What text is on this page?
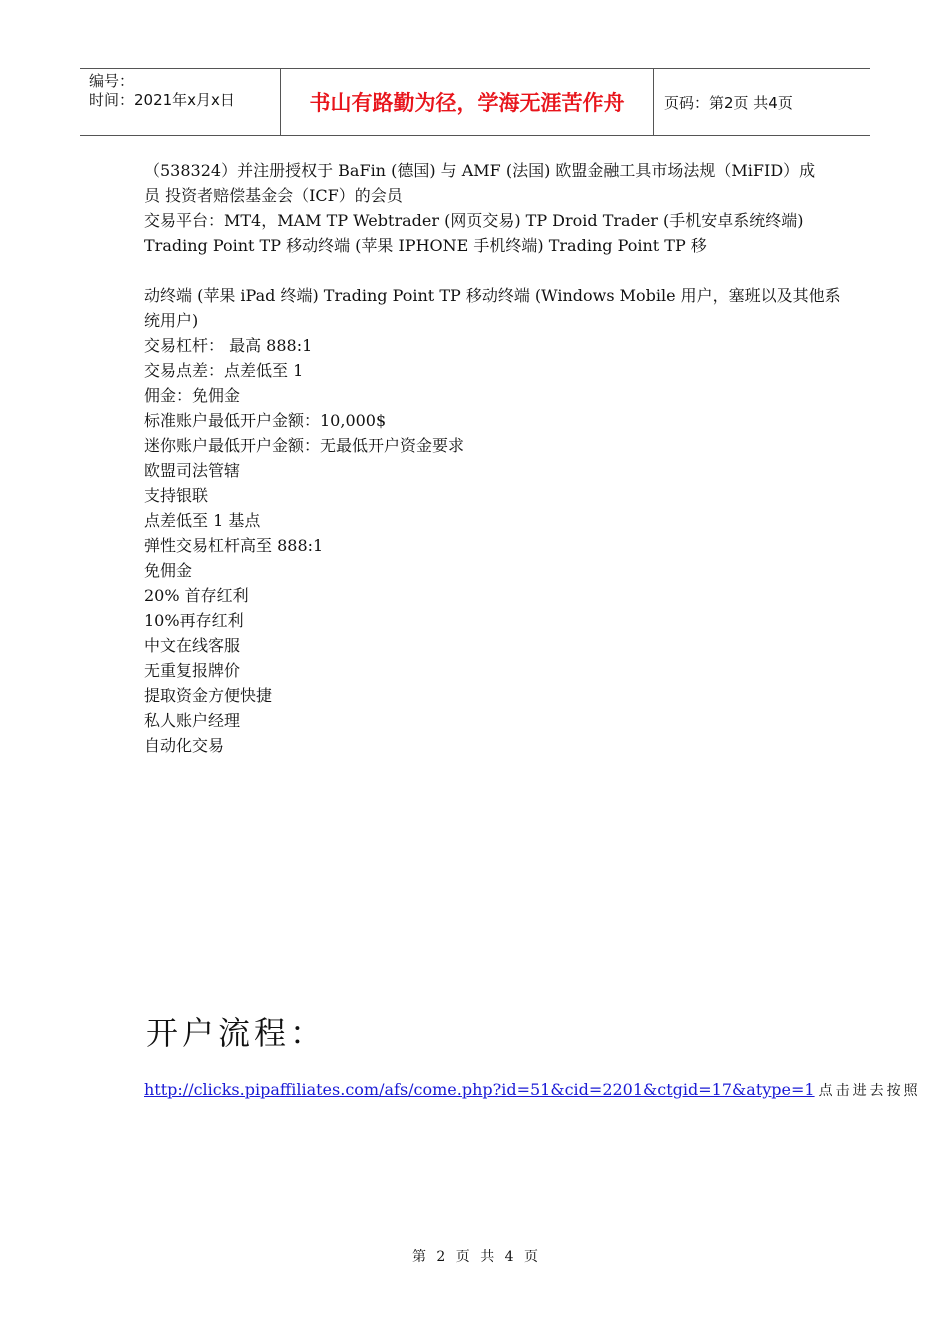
编号：
时间：2021年x月x日	书山有路勤为径，学海无涯苦作舟	页码：第2页 共4页
（538324）并注册授权于 BaFin (德国) 与 AMF (法国) 欧盟金融工具市场法规（MiFID）成
员 投资者赔偿基金会（ICF）的会员
交易平台：MT4，MAM TP Webtrader (网页交易) TP Droid Trader (手机安卓系统终端)
Trading Point TP 移动终端 (苹果 IPHONE 手机终端) Trading Point TP 移
动终端 (苹果 iPad 终端) Trading Point TP 移动终端 (Windows Mobile 用户，塞班以及其他系
统用户)
交易杠杆： 最高 888:1
交易点差：点差低至 1
佣金：免佣金
标准账户最低开户金额：10,000$
迷你账户最低开户金额：无最低开户资金要求
欧盟司法管辖
支持银联
点差低至 1 基点
弹性交易杠杆高至 888:1
免佣金
20% 首存红利
10%再存红利
中文在线客服
无重复报牌价
提取资金方便快捷
私人账户经理
自动化交易
开户流程：
http://clicks.pipaffiliates.com/afs/come.php?id=51&cid=2201&ctgid=17&atype=1 点击进去按照
第 2 页 共 4 页
